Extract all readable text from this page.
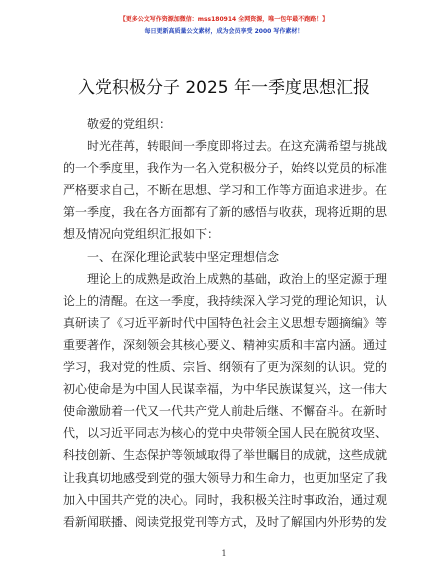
【更多公文写作资源加微信：mss180914 全网资源，唯一包年最不跑路！】
每日更新高质量公文素材，成为会员享受 2000 写作素材！
入党积极分子 2025 年一季度思想汇报

敬爱的党组织：

时光荏苒，转眼间一季度即将过去。在这充满希望与挑战的一个季度里，我作为一名入党积极分子，始终以党员的标准严格要求自己，不断在思想、学习和工作等方面追求进步。在第一季度，我在各方面都有了新的感悟与收获，现将近期的思想及情况向党组织汇报如下：

一、在深化理论武装中坚定理想信念

理论上的成熟是政治上成熟的基础，政治上的坚定源于理论上的清醒。在这一季度，我持续深入学习党的理论知识，认真研读了《习近平新时代中国特色社会主义思想专题摘编》等重要著作，深刻领会其核心要义、精神实质和丰富内涵。通过学习，我对党的性质、宗旨、纲领有了更为深刻的认识。党的初心使命是为中国人民谋幸福，为中华民族谋复兴，这一伟大使命激励着一代又一代共产党人前赴后继、不懈奋斗。在新时代，以习近平同志为核心的党中央带领全国人民在脱贫攻坚、科技创新、生态保护等领域取得了举世瞩目的成就，这些成就让我真切地感受到党的强大领导力和生命力，也更加坚定了我加入中国共产党的决心。同时，我积极关注时事政治，通过观看新闻联播、阅读党报党刊等方式，及时了解国内外形势的发

1
